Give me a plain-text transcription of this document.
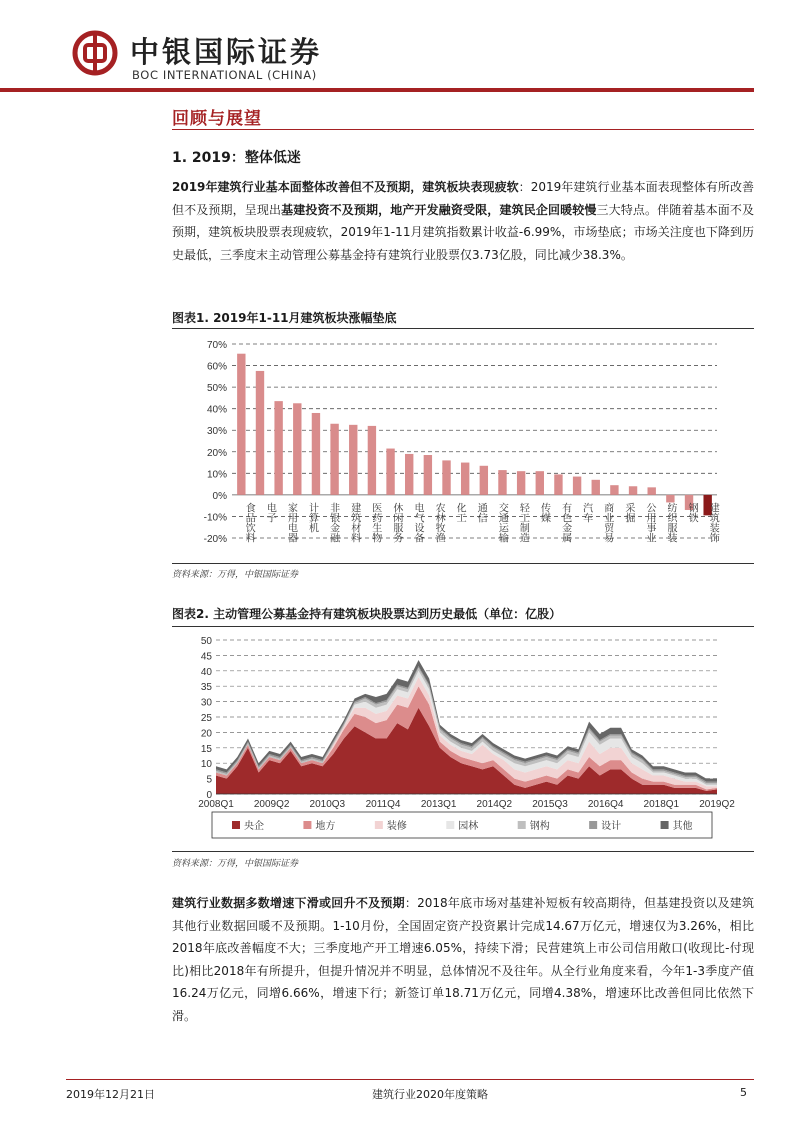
中银国际证券
BOC INTERNATIONAL (CHINA)
回顾与展望
1. 2019：整体低迷
2019年建筑行业基本面整体改善但不及预期，建筑板块表现疲软：2019年建筑行业基本面表现整体有所改善但不及预期，呈现出基建投资不及预期，地产开发融资受限，建筑民企回暖较慢三大特点。伴随着基本面不及预期，建筑板块股票表现疲软，2019年1-11月建筑指数累计收益-6.99%，市场垫底；市场关注度也下降到历史最低，三季度末主动管理公募基金持有建筑行业股票仅3.73亿股，同比减少38.3%。
图表1. 2019年1-11月建筑板块涨幅垫底
70%
60%
50%
40%
30%
20%
10%
0%
-10%
-20% 食品饮料 电子 家用电器 计算机 非银金融 建筑材料 医药生物 休闲服务 电气设备 农林牧渔 化工 通信 交通运输 轻工制造 传媒 有色金属 汽车 商业贸易 采掘 公用事业 纺织服装 钢铁 建筑装饰
资料来源：万得，中银国际证券
图表2. 主动管理公募基金持有建筑板块股票达到历史最低（单位：亿股）
50
45
40
35
30
25
20
15
10
5
0
2008Q1 2009Q2 2010Q3 2011Q4 2013Q1 2014Q2 2015Q3 2016Q4 2018Q1 2019Q2
央企	地方	装修	园林	钢构	设计	其他
资料来源：万得，中银国际证券
建筑行业数据多数增速下滑或回升不及预期：2018年底市场对基建补短板有较高期待，但基建投资以及建筑其他行业数据回暖不及预期。1-10月份，全国固定资产投资累计完成14.67万亿元，增速仅为3.26%，相比2018年底改善幅度不大；三季度地产开工增速6.05%，持续下滑；民营建筑上市公司信用敞口(收现比-付现比)相比2018年有所提升，但提升情况并不明显，总体情况不及往年。从全行业角度来看，今年1-3季度产值16.24万亿元，同增6.66%，增速下行；新签订单18.71万亿元，同增4.38%，增速环比改善但同比依然下滑。
2019年12月21日	建筑行业2020年度策略	5
